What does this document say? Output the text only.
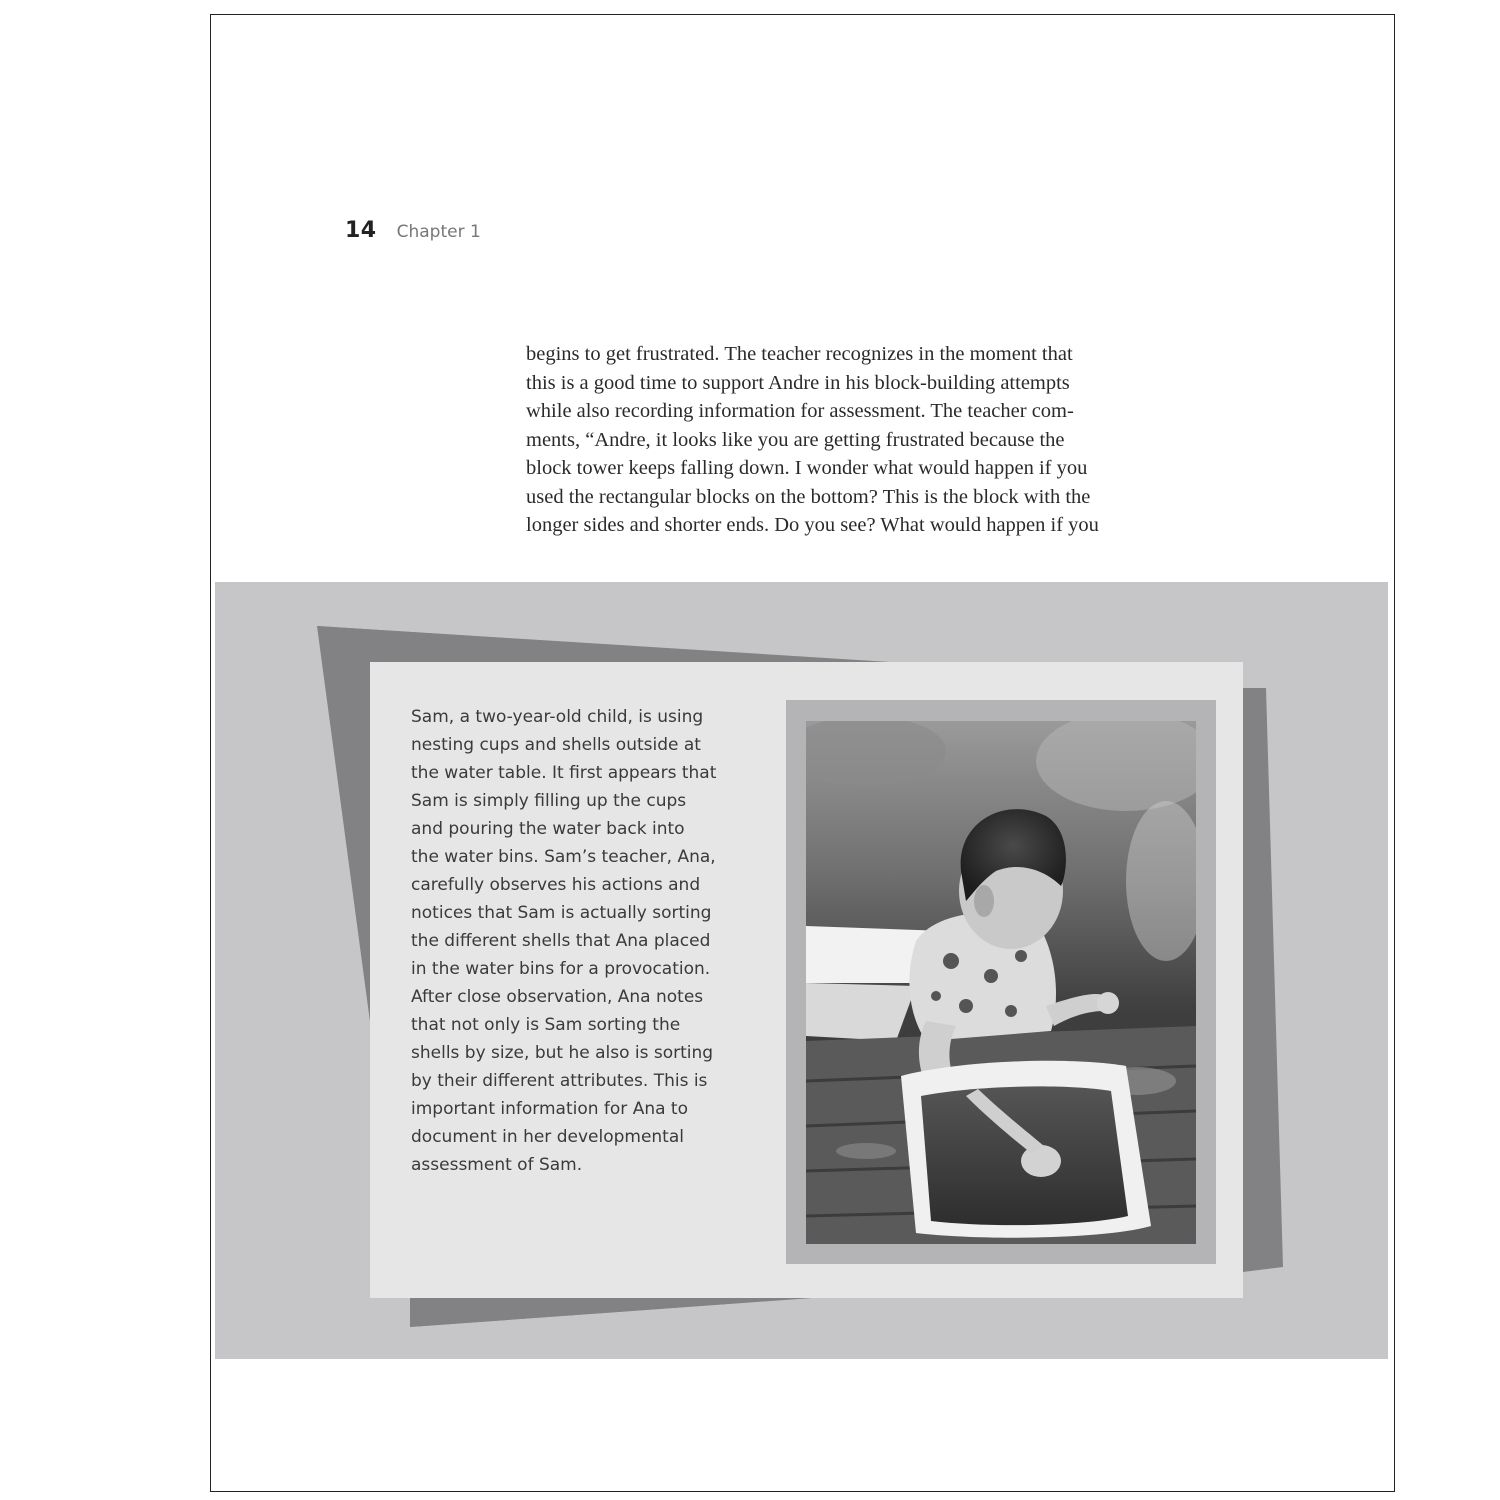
14 Chapter 1

begins to get frustrated. The teacher recognizes in the moment that
this is a good time to support Andre in his block-building attempts
while also recording information for assessment. The teacher com-
ments, “Andre, it looks like you are getting frustrated because the
block tower keeps falling down. I wonder what would happen if you
used the rectangular blocks on the bottom? This is the block with the
longer sides and shorter ends. Do you see? What would happen if you

Sam, a two-year-old child, is using
nesting cups and shells outside at
the water table. It first appears that
Sam is simply filling up the cups
and pouring the water back into
the water bins. Sam’s teacher, Ana,
carefully observes his actions and
notices that Sam is actually sorting
the different shells that Ana placed
in the water bins for a provocation.
After close observation, Ana notes
that not only is Sam sorting the
shells by size, but he also is sorting
by their different attributes. This is
important information for Ana to
document in her developmental
assessment of Sam.
